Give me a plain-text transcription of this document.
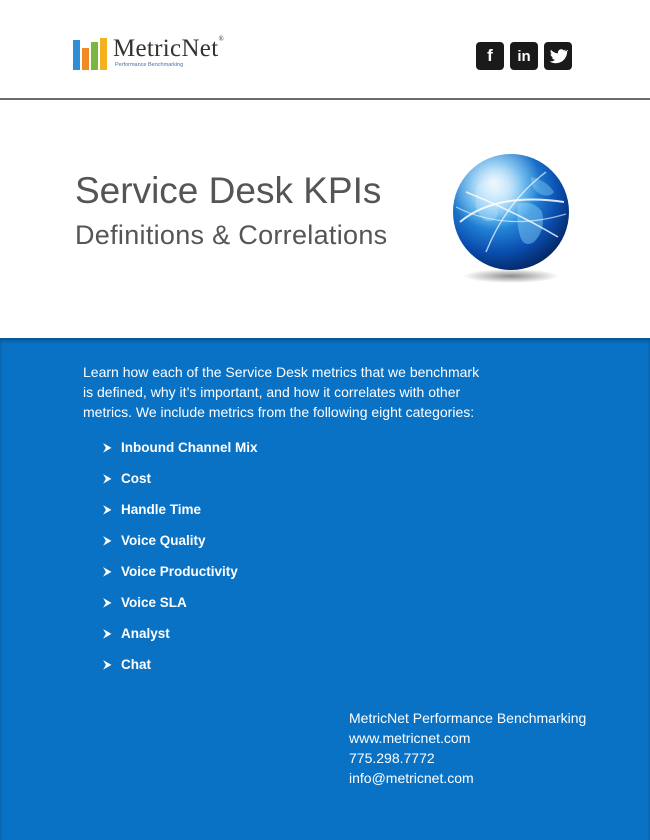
MetricNet®
Performance Benchmarking	f in
Service Desk KPIs
Definitions & Correlations

Learn how each of the Service Desk metrics that we benchmark is defined, why it’s important, and how it correlates with other metrics. We include metrics from the following eight categories:

⮞ Inbound Channel Mix
⮞ Cost
⮞ Handle Time
⮞ Voice Quality
⮞ Voice Productivity
⮞ Voice SLA
⮞ Analyst
⮞ Chat
MetricNet Performance Benchmarking
www.metricnet.com
775.298.7772
info@metricnet.com
